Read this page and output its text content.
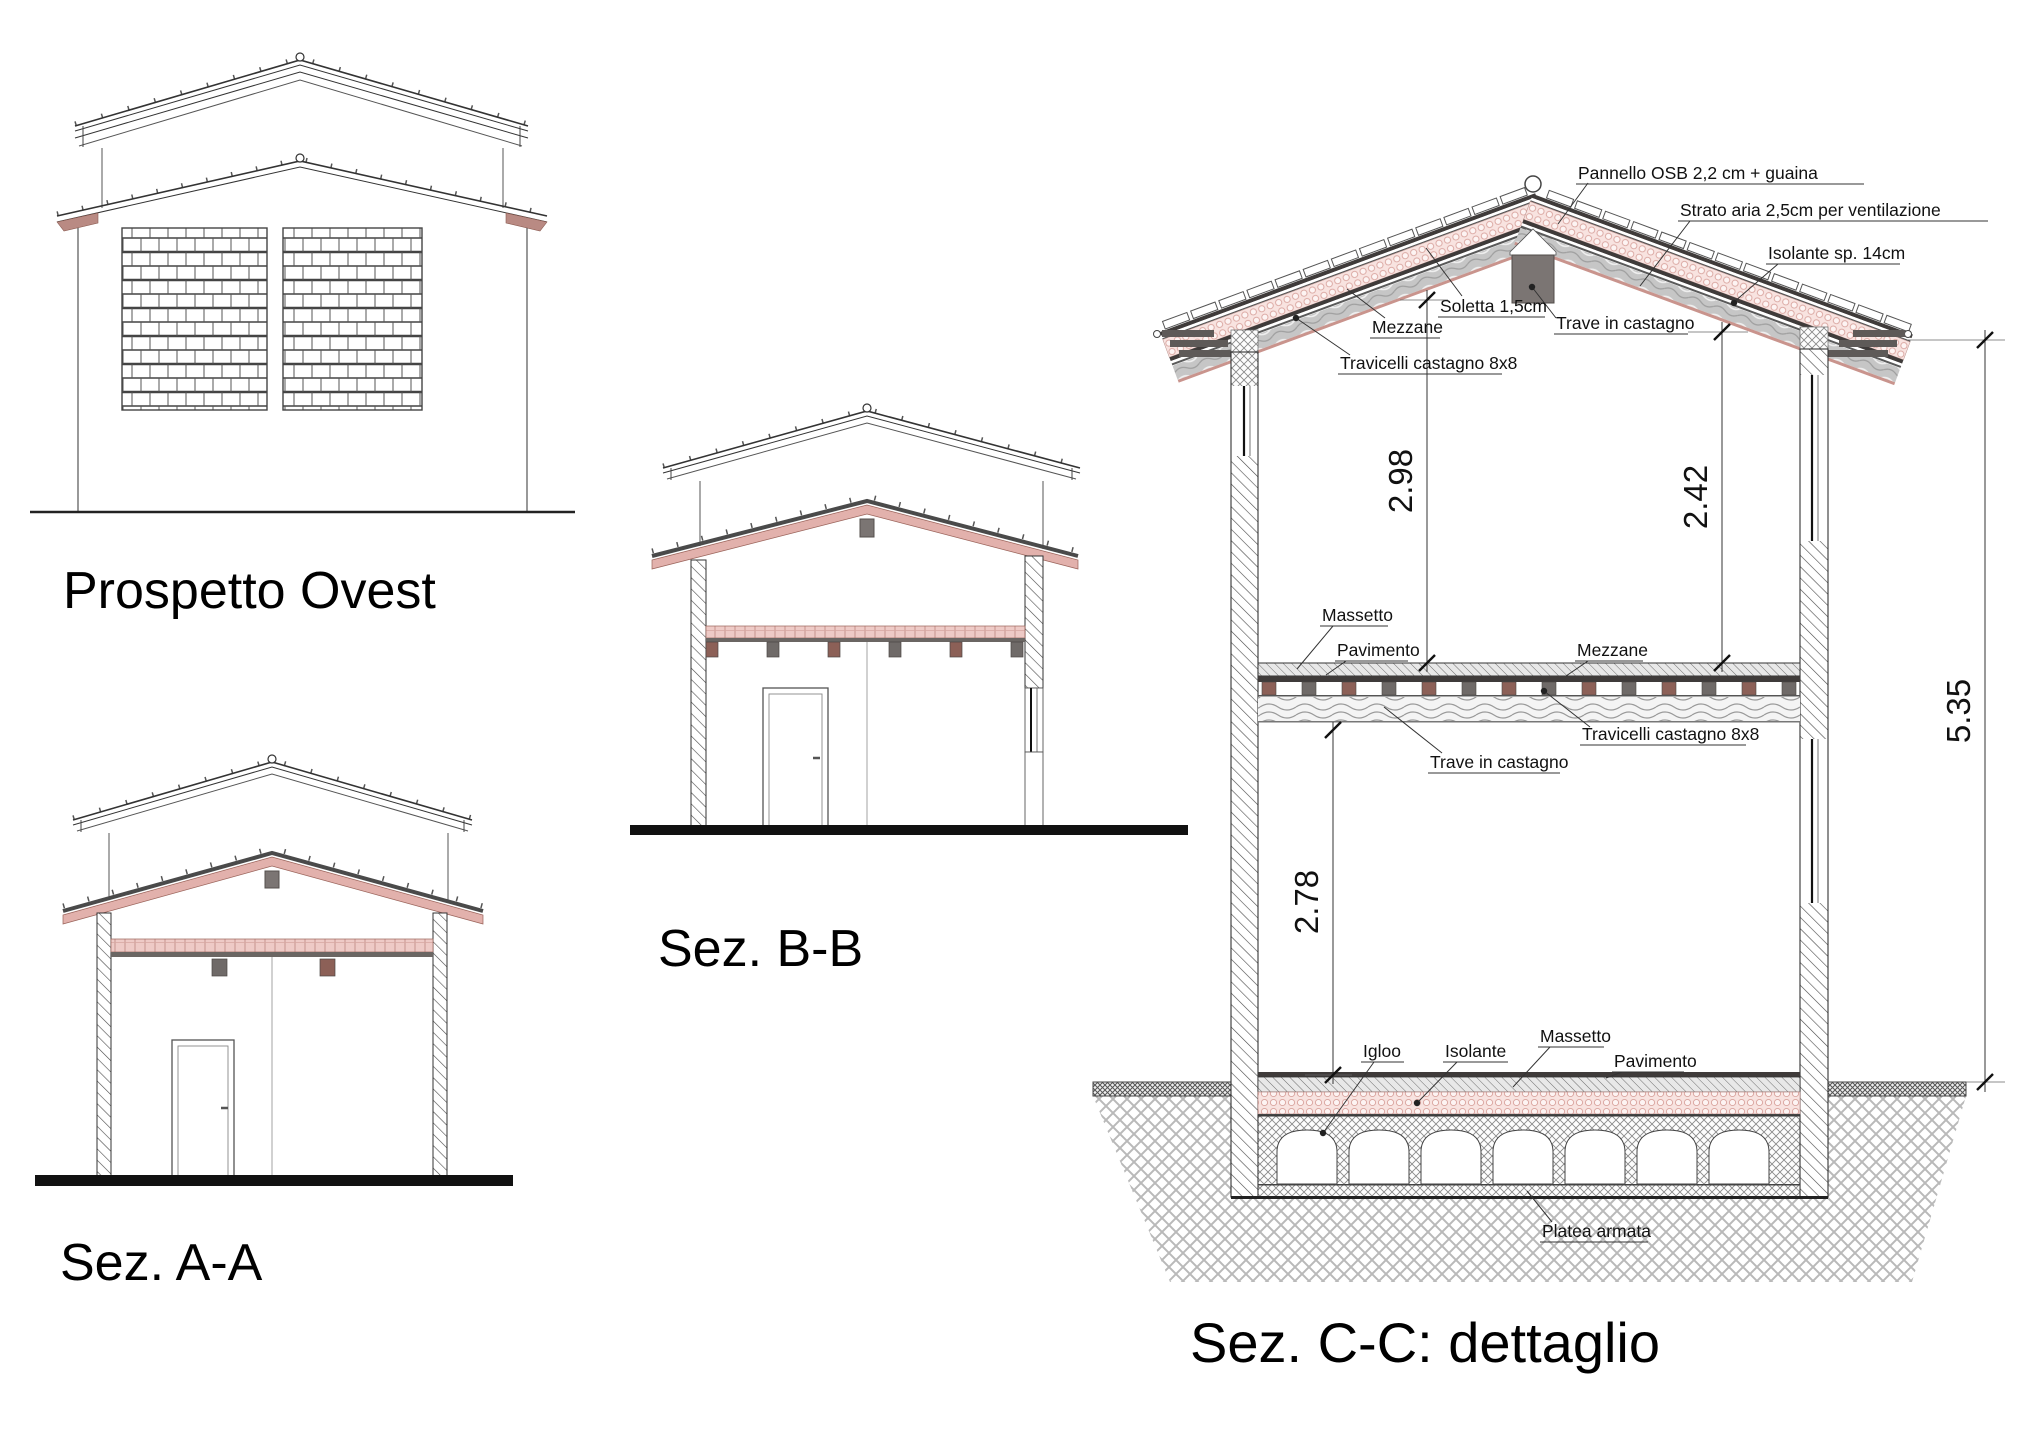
Prospetto Ovest
Sez. A-A
Sez. B-B
2.98	2.42
5.35
2.78
Pannello OSB 2,2 cm + guaina
Strato aria 2,5cm per ventilazione
Isolante sp. 14cm
Soletta 1,5cm
Mezzane	Trave in castagno
Travicelli castagno 8x8
Massetto
Pavimento	Mezzane
Travicelli castagno 8x8
Trave in castagno
Igloo	Isolante
Massetto
Pavimento
Platea armata
Sez. C-C: dettaglio
